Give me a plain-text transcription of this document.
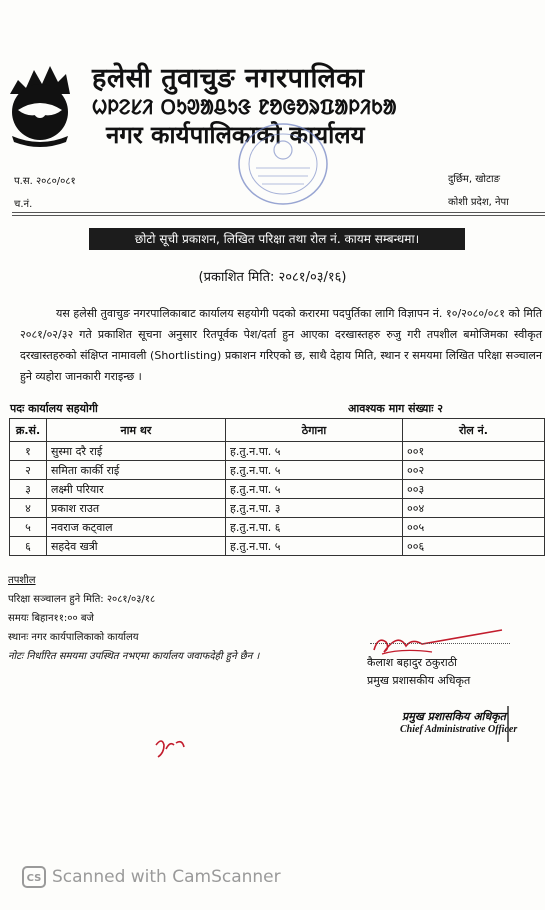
हलेसी तुवाचुङ नगरपालिका
ᱦᱞᱮᱥᱤ ᱛᱩᱣᱟᱪᱩᱝ ᱱᱚᱜᱚᱨᱯᱟᱞᱤᱠᱟ
नगर कार्यपालिकाको कार्यालय
प.स. २०८०/०८१
च.नं.
दुर्छिम, खोटाङ
कोशी प्रदेश, नेपा
छोटो सूची प्रकाशन, लिखित परिक्षा तथा रोल नं. कायम सम्बन्धमा।
(प्रकाशित मिति: २०८१/०३/१६)
यस हलेसी तुवाचुङ नगरपालिकाबाट कार्यालय सहयोगी पदको करारमा पदपुर्तिका लागि विज्ञापन नं. १०/२०८०/०८१ को मिति २०८१/०२/३२ गते प्रकाशित सूचना अनुसार रितपूर्वक पेश/दर्ता हुन आएका दरखास्तहरु रुजु गरी तपशील बमोजिमका स्वीकृत दरखास्तहरुको संक्षिप्त नामावली (Shortlisting) प्रकाशन गरिएको छ, साथै देहाय मिति, स्थान र समयमा लिखित परिक्षा सञ्चालन हुने व्यहोरा जानकारी गराइन्छ ।
पदः कार्यालय सहयोगी	आवश्यक माग संख्याः २
क्र.सं.	नाम थर	ठेगाना	रोल नं.
१	सुस्मा दरै राई	ह.तु.न.पा. ५	००१
२	समिता कार्की राई	ह.तु.न.पा. ५	००२
३	लक्ष्मी परियार	ह.तु.न.पा. ५	००३
४	प्रकाश राउत	ह.तु.न.पा. ३	००४
५	नवराज कट्वाल	ह.तु.न.पा. ६	००५
६	सहदेव खत्री	ह.तु.न.पा. ५	००६
तपशील
परिक्षा सञ्चालन हुने मिति: २०८१/०३/१८
समयः बिहान११:०० बजे
स्थानः नगर कार्यपालिकाको कार्यालय
नोटः निर्धारित समयमा उपस्थित नभएमा कार्यालय जवाफदेही हुने छैन ।	कैलाश बहादुर ठकुराठी
प्रमुख प्रशासकीय अधिकृत
प्रमुख प्रशासकिय अधिकृत
Chief Administrative Officer
CS Scanned with CamScanner
